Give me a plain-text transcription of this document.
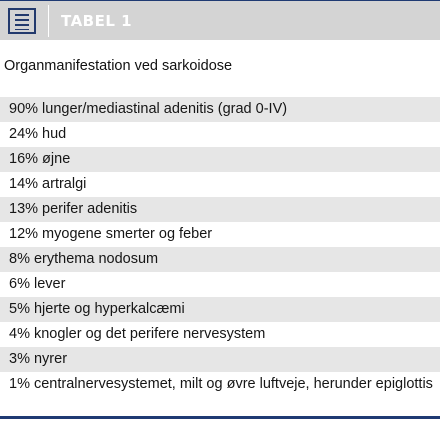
TABEL 1
Organmanifestation ved sarkoidose
90% lunger/mediastinal adenitis (grad 0-IV)
24% hud
16% øjne
14% artralgi
13% perifer adenitis
12% myogene smerter og feber
8% erythema nodosum
6% lever
5% hjerte og hyperkalcæmi
4% knogler og det perifere nervesystem
3% nyrer
1% centralnervesystemet, milt og øvre luftveje, herunder epiglottis
